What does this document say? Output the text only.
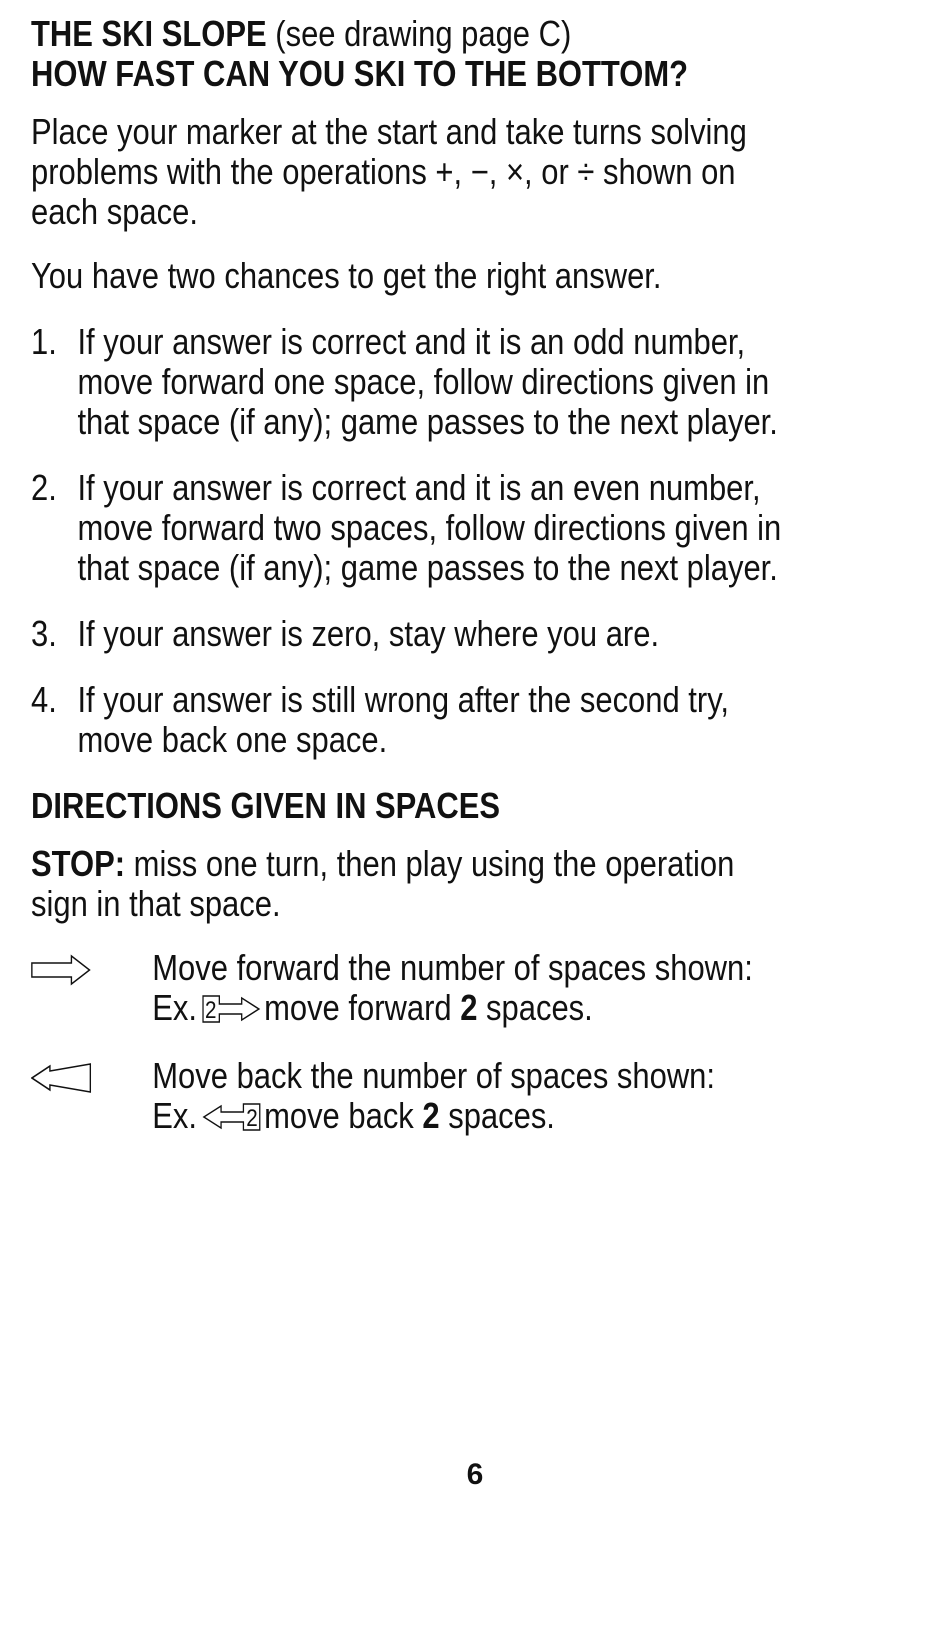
THE SKI SLOPE (see drawing page C)
HOW FAST CAN YOU SKI TO THE BOTTOM?
Place your marker at the start and take turns solving problems with the operations +, −, ×, or ÷ shown on each space.
You have two chances to get the right answer.
1. If your answer is correct and it is an odd number, move forward one space, follow directions given in that space (if any); game passes to the next player.
2. If your answer is correct and it is an even number, move forward two spaces, follow directions given in that space (if any); game passes to the next player.
3. If your answer is zero, stay where you are.
4. If your answer is still wrong after the second try, move back one space.
DIRECTIONS GIVEN IN SPACES
STOP: miss one turn, then play using the operation sign in that space.
Move forward the number of spaces shown:
Ex. 2 move forward 2 spaces.
Move back the number of spaces shown:
Ex. 2 move back 2 spaces.
6
